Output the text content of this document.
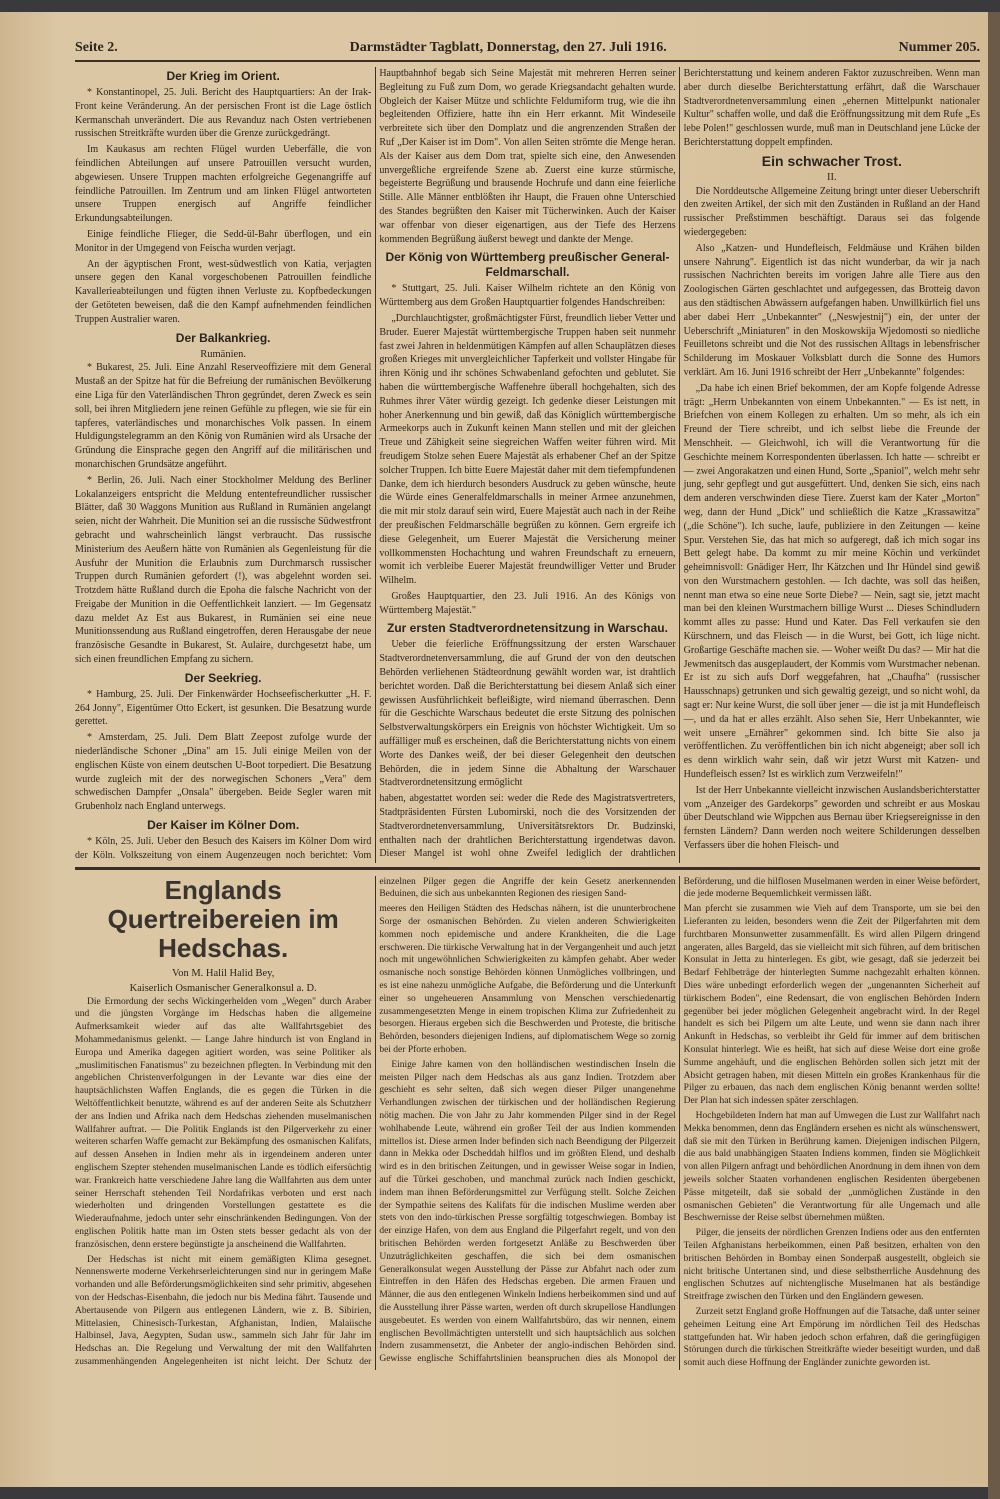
Seite 2.	Darmstädter Tagblatt, Donnerstag, den 27. Juli 1916.	Nummer 205.
Der Krieg im Orient.

* Konstantinopel, 25. Juli. Bericht des Hauptquartiers: An der Irak-Front keine Veränderung. An der persischen Front ist die Lage östlich Kermanschah unverändert. Die aus Revanduz nach Osten vertriebenen russischen Streitkräfte wurden über die Grenze zurückgedrängt.

Im Kaukasus am rechten Flügel wurden Ueberfälle, die von feindlichen Abteilungen auf unsere Patrouillen versucht wurden, abgewiesen. Unsere Truppen machten erfolgreiche Gegenangriffe auf feindliche Patrouillen. Im Zentrum und am linken Flügel antworteten unsere Truppen energisch auf Angriffe feindlicher Erkundungsabteilungen.

Einige feindliche Flieger, die Sedd-ül-Bahr überflogen, und ein Monitor in der Umgegend von Feischa wurden verjagt.

An der ägyptischen Front, west-südwestlich von Katia, verjagten unsere gegen den Kanal vorgeschobenen Patrouillen feindliche Kavallerieabteilungen und fügten ihnen Verluste zu. Kopfbedeckungen der Getöteten beweisen, daß die den Kampf aufnehmenden feindlichen Truppen Australier waren.

Der Balkankrieg.
Rumänien.

* Bukarest, 25. Juli. Eine Anzahl Reserveoffiziere mit dem General Mustaß an der Spitze hat für die Befreiung der rumänischen Bevölkerung eine Liga für den Vaterländischen Thron gegründet, deren Zweck es sein soll, bei ihren Mitgliedern jene reinen Gefühle zu pflegen, wie sie für ein tapferes, vaterländisches und monarchisches Volk passen. In einem Huldigungstelegramm an den König von Rumänien wird als Ursache der Gründung die Einsprache gegen den Angriff auf die militärischen und monarchischen Grundsätze angeführt.

* Berlin, 26. Juli. Nach einer Stockholmer Meldung des Berliner Lokalanzeigers entspricht die Meldung ententefreundlicher russischer Blätter, daß 30 Waggons Munition aus Rußland in Rumänien angelangt seien, nicht der Wahrheit. Die Munition sei an die russische Südwestfront gebracht und wahrscheinlich längst verbraucht. Das russische Ministerium des Aeußern hätte von Rumänien als Gegenleistung für die Ausfuhr der Munition die Erlaubnis zum Durchmarsch russischer Truppen durch Rumänien gefordert (!), was abgelehnt worden sei. Trotzdem hätte Rußland durch die Epoha die falsche Nachricht von der Freigabe der Munition in die Oeffentlichkeit lanziert. — Im Gegensatz dazu meldet Az Est aus Bukarest, in Rumänien sei eine neue Munitionssendung aus Rußland eingetroffen, deren Herausgabe der neue französische Gesandte in Bukarest, St. Aulaire, durchgesetzt habe, um sich einen freundlichen Empfang zu sichern.

Der Seekrieg.

* Hamburg, 25. Juli. Der Finkenwärder Hochseefischerkutter „H. F. 264 Jonny", Eigentümer Otto Eckert, ist gesunken. Die Besatzung wurde gerettet.

* Amsterdam, 25. Juli. Dem Blatt Zeepost zufolge wurde der niederländische Schoner „Dina" am 15. Juli einige Meilen von der englischen Küste von einem deutschen U-Boot torpediert. Die Besatzung wurde zugleich mit der des norwegischen Schoners „Vera" dem schwedischen Dampfer „Onsala" übergeben. Beide Segler waren mit Grubenholz nach England unterwegs.

Der Kaiser im Kölner Dom.

* Köln, 25. Juli. Ueber den Besuch des Kaisers im Kölner Dom wird der Köln. Volkszeitung von einem Augenzeugen noch berichtet: Vom Hauptbahnhof begab sich Seine Majestät mit mehreren Herren seiner Begleitung zu Fuß zum Dom, wo gerade Kriegsandacht gehalten wurde. Obgleich der Kaiser Mütze und schlichte Feldumiform trug, wie die ihn begleitenden Offiziere, hatte ihn ein Herr erkannt. Mit Windeseile verbreitete sich über den Domplatz und die angrenzenden Straßen der Ruf „Der Kaiser ist im Dom". Von allen Seiten strömte die Menge heran. Als der Kaiser aus dem Dom trat, spielte sich eine, den Anwesenden unvergeßliche ergreifende Szene ab. Zuerst eine kurze stürmische, begeisterte Begrüßung und brausende Hochrufe und dann eine feierliche Stille. Alle Männer entblößten ihr Haupt, die Frauen ohne Unterschied des Standes begrüßten den Kaiser mit Tücherwinken. Auch der Kaiser war offenbar von dieser eigenartigen, aus der Tiefe des Herzens kommenden Begrüßung äußerst bewegt und dankte der Menge.

Der König von Württemberg preußischer General-Feldmarschall.

* Stuttgart, 25. Juli. Kaiser Wilhelm richtete an den König von Württemberg aus dem Großen Hauptquartier folgendes Handschreiben:

„Durchlauchtigster, großmächtigster Fürst, freundlich lieber Vetter und Bruder. Euerer Majestät württembergische Truppen haben seit nunmehr fast zwei Jahren in heldenmütigen Kämpfen auf allen Schauplätzen dieses großen Krieges mit unvergleichlicher Tapferkeit und vollster Hingabe für ihren König und ihr schönes Schwabenland gefochten und geblutet. Sie haben die württembergische Waffenehre überall hochgehalten, sich des Ruhmes ihrer Väter würdig gezeigt. Ich gedenke dieser Leistungen mit hoher Anerkennung und bin gewiß, daß das Königlich württembergische Armeekorps auch in Zukunft keinen Mann stellen und mit der gleichen Treue und Zähigkeit seine siegreichen Waffen weiter führen wird. Mit freudigem Stolze sehen Euere Majestät als erhabener Chef an der Spitze solcher Truppen. Ich bitte Euere Majestät daher mit dem tiefempfundenen Danke, dem ich hierdurch besonders Ausdruck zu geben wünsche, heute die Würde eines Generalfeldmarschalls in meiner Armee anzunehmen, die mit mir stolz darauf sein wird, Euere Majestät auch nach in der Reihe der preußischen Feldmarschälle begrüßen zu können. Gern ergreife ich diese Gelegenheit, um Euerer Majestät die Versicherung meiner vollkommensten Hochachtung und wahren Freundschaft zu erneuern, womit ich verbleibe Euerer Majestät freundwilliger Vetter und Bruder Wilhelm.

Großes Hauptquartier, den 23. Juli 1916. An des Königs von Württemberg Majestät."

Zur ersten Stadtverordnetensitzung in Warschau.

Ueber die feierliche Eröffnungssitzung der ersten Warschauer Stadtverordnetenversammlung, die auf Grund der von den deutschen Behörden verliehenen Städteordnung gewählt worden war, ist drahtlich berichtet worden. Daß die Berichterstattung bei diesem Anlaß sich einer gewissen Ausführlichkeit befleißigte, wird niemand überraschen. Denn für die Geschichte Warschaus bedeutet die erste Sitzung des polnischen Selbstverwaltungskörpers ein Ereignis von höchster Wichtigkeit. Um so auffälliger muß es erscheinen, daß die Berichterstattung nichts von einem Worte des Dankes weiß, der bei dieser Gelegenheit den deutschen Behörden, die in jedem Sinne die Abhaltung der Warschauer Stadtverordnetensitzung ermöglicht

haben, abgestattet worden sei: weder die Rede des Magistratsvertreters, Stadtpräsidenten Fürsten Lubomirski, noch die des Vorsitzenden der Stadtverordnetenversammlung, Universitätsrektors Dr. Budzinski, enthalten nach der drahtlichen Berichterstattung irgendetwas davon. Dieser Mangel ist wohl ohne Zweifel lediglich der drahtlichen Berichterstattung und keinem anderen Faktor zuzuschreiben. Wenn man aber durch dieselbe Berichterstattung erfährt, daß die Warschauer Stadtverordnetenversammlung einen „ehernen Mittelpunkt nationaler Kultur" schaffen wolle, und daß die Eröffnungssitzung mit dem Rufe „Es lebe Polen!" geschlossen wurde, muß man in Deutschland jene Lücke der Berichterstattung doppelt empfinden.

Ein schwacher Trost.
II.

Die Norddeutsche Allgemeine Zeitung bringt unter dieser Ueberschrift den zweiten Artikel, der sich mit den Zuständen in Rußland an der Hand russischer Preßstimmen beschäftigt. Daraus sei das folgende wiedergegeben:

Also „Katzen- und Hundefleisch, Feldmäuse und Krähen bilden unsere Nahrung". Eigentlich ist das nicht wunderbar, da wir ja nach russischen Nachrichten bereits im vorigen Jahre alle Tiere aus den Zoologischen Gärten geschlachtet und aufgegessen, das Brotteig davon aus den städtischen Abwässern aufgefangen haben. Unwillkürlich fiel uns aber dabei Herr „Unbekannter" („Neswjestnij") ein, der unter der Ueberschrift „Miniaturen" in den Moskowskija Wjedomosti so niedliche Feuilletons schreibt und die Not des russischen Alltags in lebensfrischer Schilderung im Moskauer Volksblatt durch die Sonne des Humors verklärt. Am 16. Juni 1916 schreibt der Herr „Unbekannte" folgendes:

„Da habe ich einen Brief bekommen, der am Kopfe folgende Adresse trägt: „Herrn Unbekannten von einem Unbekannten." — Es ist nett, in Briefchen von einem Kollegen zu erhalten. Um so mehr, als ich ein Freund der Tiere schreibt, und ich selbst liebe die Freunde der Menschheit. — Gleichwohl, ich will die Verantwortung für die Geschichte meinem Korrespondenten überlassen. Ich hatte — schreibt er — zwei Angorakatzen und einen Hund, Sorte „Spaniol", welch mehr sehr jung, sehr gepflegt und gut ausgefüttert. Und, denken Sie sich, eins nach dem anderen verschwinden diese Tiere. Zuerst kam der Kater „Morton" weg, dann der Hund „Dick" und schließlich die Katze „Krassawitza" („die Schöne"). Ich suche, laufe, publiziere in den Zeitungen — keine Spur. Verstehen Sie, das hat mich so aufgeregt, daß ich mich sogar ins Bett gelegt habe. Da kommt zu mir meine Köchin und verkündet geheimnisvoll: Gnädiger Herr, Ihr Kätzchen und Ihr Hündel sind gewiß von den Wurstmachern gestohlen. — Ich dachte, was soll das heißen, nennt man etwa so eine neue Sorte Diebe? — Nein, sagt sie, jetzt macht man bei den kleinen Wurstmachern billige Wurst ... Dieses Schindludern kommt alles zu passe: Hund und Kater. Das Fell verkaufen sie den Kürschnern, und das Fleisch — in die Wurst, bei Gott, ich lüge nicht. Großartige Geschäfte machen sie. — Woher weißt Du das? — Mir hat die Jewmenitsch das ausgeplaudert, der Kommis vom Wurstmacher nebenan. Er ist zu sich aufs Dorf weggefahren, hat „Chaufha" (russischer Hausschnaps) getrunken und sich gewaltig gezeigt, und so nicht wohl, da sagt er: Nur keine Wurst, die soll über jener — die ist ja mit Hundefleisch —, und da hat er alles erzählt. Also sehen Sie, Herr Unbekannter, wie weit unsere „Ernährer" gekommen sind. Ich bitte Sie also ja veröffentlichen. Zu veröffentlichen bin ich nicht abgeneigt; aber soll ich es denn wirklich wahr sein, daß wir jetzt Wurst mit Katzen- und Hundefleisch essen? Ist es wirklich zum Verzweifeln!"

Ist der Herr Unbekannte vielleicht inzwischen Auslandsberichterstatter vom „Anzeiger des Gardekorps" geworden und schreibt er aus Moskau über Deutschland wie Wippchen aus Bernau über Kriegsereignisse in den fernsten Ländern? Dann werden noch weitere Schilderungen desselben Verfassers über die hohen Fleisch- und

Englands Quertreibereien im Hedschas.
Von M. Halil Halid Bey,
Kaiserlich Osmanischer Generalkonsul a. D.

Die Ermordung der sechs Wickingerhelden vom „Wegen" durch Araber und die jüngsten Vorgänge im Hedschas haben die allgemeine Aufmerksamkeit wieder auf das alte Wallfahrtsgebiet des Mohammedanismus gelenkt. — Lange Jahre hindurch ist von England in Europa und Amerika dagegen agitiert worden, was seine Politiker als „muslimitischen Fanatismus" zu bezeichnen pflegten. In Verbindung mit den angeblichen Christenverfolgungen in der Levante war dies eine der hauptsächlichsten Waffen Englands, die es gegen die Türken in die Weltöffentlichkeit benutzte, während es auf der anderen Seite als Schutzherr der ans Indien und Afrika nach dem Hedschas ziehenden muselmanischen Wallfahrer auftrat. — Die Politik Englands ist den Pilgerverkehr zu einer weiteren scharfen Waffe gemacht zur Bekämpfung des osmanischen Kalifats, auf dessen Ansehen in Indien mehr als in irgendeinem anderen unter englischem Szepter stehenden muselmanischen Lande es tödlich eifersüchtig war. Frankreich hatte verschiedene Jahre lang die Wallfahrten aus dem unter seiner Herrschaft stehenden Teil Nordafrikas verboten und erst nach wiederholten und dringenden Vorstellungen gestattete es die Wiederaufnahme, jedoch unter sehr einschränkenden Bedingungen. Von der englischen Politik hatte man im Osten stets besser gedacht als von der französischen, denn erstere begünstigte ja anscheinend die Wallfahrten.

Der Hedschas ist nicht mit einem gemäßigten Klima gesegnet. Nennenswerte moderne Verkehrserleichterungen sind nur in geringem Maße vorhanden und alle Beförderungsmöglichkeiten sind sehr primitiv, abgesehen von der Hedschas-Eisenbahn, die jedoch nur bis Medina fährt. Tausende und Abertausende von Pilgern aus entlegenen Ländern, wie z. B. Sibirien, Mittelasien, Chinesisch-Turkestan, Afghanistan, Indien, Malaiische Halbinsel, Java, Aegypten, Sudan usw., sammeln sich Jahr für Jahr im Hedschas an. Die Regelung und Verwaltung der mit den Wallfahrten zusammenhängenden Angelegenheiten ist nicht leicht. Der Schutz der einzelnen Pilger gegen die Angriffe der kein Gesetz anerkennenden Beduinen, die sich aus unbekannten Regionen des riesigen Sand-

meeres den Heiligen Städten des Hedschas nähern, ist die ununterbrochene Sorge der osmanischen Behörden. Zu vielen anderen Schwierigkeiten kommen noch epidemische und andere Krankheiten, die die Lage erschweren. Die türkische Verwaltung hat in der Vergangenheit und auch jetzt noch mit ungewöhnlichen Schwierigkeiten zu kämpfen gehabt. Aber weder osmanische noch sonstige Behörden können Unmögliches vollbringen, und es ist eine nahezu unmögliche Aufgabe, die Beförderung und die Unterkunft einer so ungeheueren Ansammlung von Menschen verschiedenartig zusammengesetzten Menge in einem tropischen Klima zur Zufriedenheit zu besorgen. Hieraus ergeben sich die Beschwerden und Proteste, die britische Behörden, besonders diejenigen Indiens, auf diplomatischem Wege so zornig bei der Pforte erhoben.

Einige Jahre kamen von den holländischen westindischen Inseln die meisten Pilger nach dem Hedschas als aus ganz Indien. Trotzdem aber geschieht es sehr selten, daß sich wegen dieser Pilger unangenehme Verhandlungen zwischen der türkischen und der holländischen Regierung nötig machen. Die von Jahr zu Jahr kommenden Pilger sind in der Regel wohlhabende Leute, während ein großer Teil der aus Indien kommenden mittellos ist. Diese armen Inder befinden sich nach Beendigung der Pilgerzeit dann in Mekka oder Dscheddah hilflos und im größten Elend, und deshalb wird es in den britischen Zeitungen, und in gewisser Weise sogar in Indien, auf die Türkei geschoben, und manchmal zurück nach Indien geschickt, indem man ihnen Beförderungsmittel zur Verfügung stellt. Solche Zeichen der Sympathie seitens des Kalifats für die indischen Muslime werden aber stets von den indo-türkischen Presse sorgfältig totgeschwiegen. Bombay ist der einzige Hafen, von dem aus England die Pilgerfahrt regelt, und von den britischen Behörden werden fortgesetzt Anläße zu Beschwerden über Unzuträglichkeiten geschaffen, die sich bei dem osmanischen Generalkonsulat wegen Ausstellung der Pässe zur Abfahrt nach oder zum Eintreffen in den Häfen des Hedschas ergeben. Die armen Frauen und Männer, die aus den entlegenen Winkeln Indiens herbeikommen sind und auf die Ausstellung ihrer Pässe warten, werden oft durch skrupellose Handlungen ausgebeutet. Es werden von einem Wallfahrtsbüro, das wir nennen, einem englischen Bevollmächtigten unterstellt und sich hauptsächlich aus solchen Indern zusammensetzt, die Anbeter der anglo-indischen Behörden sind. Gewisse englische Schiffahrtslinien beanspruchen dies als Monopol der Beförderung, und die hilflosen Muselmanen werden in einer Weise befördert, die jede moderne Bequemlichkeit vermissen läßt.

Man pfercht sie zusammen wie Vieh auf dem Transporte, um sie bei den Lieferanten zu leiden, besonders wenn die Zeit der Pilgerfahrten mit dem furchtbaren Monsunwetter zusammenfällt. Es wird allen Pilgern dringend angeraten, alles Bargeld, das sie vielleicht mit sich führen, auf dem britischen Konsulat in Jetta zu hinterlegen. Es gibt, wie gesagt, daß sie jederzeit bei Bedarf Fehlbeträge der hinterlegten Summe nachgezahlt erhalten können. Dies wäre unbedingt erforderlich wegen der „ungenannten Sicherheit auf türkischem Boden", eine Redensart, die von englischen Behörden Indern gegenüber bei jeder möglichen Gelegenheit angebracht wird. In der Regel handelt es sich bei Pilgern um alte Leute, und wenn sie dann nach ihrer Ankunft in Hedschas, so verbleibt ihr Geld für immer auf dem britischen Konsulat hinterlegt. Wie es heißt, hat sich auf diese Weise dort eine große Summe angehäuft, und die englischen Behörden sollen sich jetzt mit der Absicht getragen haben, mit diesen Mitteln ein großes Krankenhaus für die Pilger zu erbauen, das nach dem englischen König benannt werden sollte! Der Plan hat sich indessen später zerschlagen.

Hochgebildeten Indern hat man auf Umwegen die Lust zur Wallfahrt nach Mekka benommen, denn das Engländern ersehen es nicht als wünschenswert, daß sie mit den Türken in Berührung kamen. Diejenigen indischen Pilgern, die aus bald unabhängigen Staaten Indiens kommen, finden sie Möglichkeit von allen Pilgern anfragt und behördlichen Anordnung in dem ihnen von dem jeweils solcher Staaten vorhandenen englischen Residenten übergebenen Pässe mitgeteilt, daß sie sobald der „unmöglichen Zustände in den osmanischen Gebieten" die Verantwortung für alle Ungemach und alle Beschwernisse der Reise selbst übernehmen müßten.

Pilger, die jenseits der nördlichen Grenzen Indiens oder aus den entfernten Teilen Afghanistans herbeikommen, einen Paß besitzen, erhalten von den britischen Behörden in Bombay einen Sonderpaß ausgestellt, obgleich sie nicht britische Untertanen sind, und diese selbstherrliche Ausdehnung des englischen Schutzes auf nichtenglische Muselmanen hat als beständige Streitfrage zwischen den Türken und den Engländern gewesen.

Zurzeit setzt England große Hoffnungen auf die Tatsache, daß unter seiner geheimen Leitung eine Art Empörung im nördlichen Teil des Hedschas stattgefunden hat. Wir haben jedoch schon erfahren, daß die geringfügigen Störungen durch die türkischen Streitkräfte wieder beseitigt wurden, und daß somit auch diese Hoffnung der Engländer zunichte geworden ist.
